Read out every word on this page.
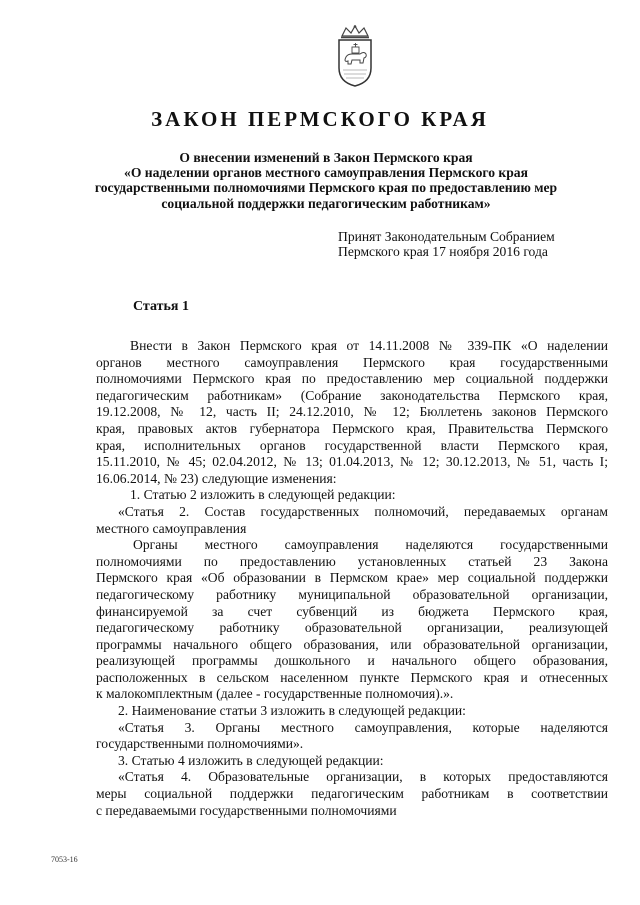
ЗАКОН ПЕРМСКОГО КРАЯ
О внесении изменений в Закон Пермского края
«О наделении органов местного самоуправления Пермского края
государственными полномочиями Пермского края по предоставлению мер
социальной поддержки педагогическим работникам»
Принят Законодательным Собранием
Пермского края 17 ноября 2016 года
Статья 1
Внести в Закон Пермского края от 14.11.2008 № 339-ПК «О наделении
органов местного самоуправления Пермского края государственными
полномочиями Пермского края по предоставлению мер социальной поддержки
педагогическим работникам» (Собрание законодательства Пермского края,
19.12.2008, № 12, часть II; 24.12.2010, № 12; Бюллетень законов Пермского
края, правовых актов губернатора Пермского края, Правительства Пермского
края, исполнительных органов государственной власти Пермского края,
15.11.2010, № 45; 02.04.2012, № 13; 01.04.2013, № 12; 30.12.2013, № 51, часть I;
16.06.2014, № 23) следующие изменения:
1. Статью 2 изложить в следующей редакции:
«Статья 2. Состав государственных полномочий, передаваемых органам
местного самоуправления
Органы местного самоуправления наделяются государственными
полномочиями по предоставлению установленных статьей 23 Закона
Пермского края «Об образовании в Пермском крае» мер социальной поддержки
педагогическому работнику муниципальной образовательной организации,
финансируемой за счет субвенций из бюджета Пермского края,
педагогическому работнику образовательной организации, реализующей
программы начального общего образования, или образовательной организации,
реализующей программы дошкольного и начального общего образования,
расположенных в сельском населенном пункте Пермского края и отнесенных
к малокомплектным (далее - государственные полномочия).».
2. Наименование статьи 3 изложить в следующей редакции:
«Статья 3. Органы местного самоуправления, которые наделяются
государственными полномочиями».
3. Статью 4 изложить в следующей редакции:
«Статья 4. Образовательные организации, в которых предоставляются
меры социальной поддержки педагогическим работникам в соответствии
с передаваемыми государственными полномочиями
7053-16
